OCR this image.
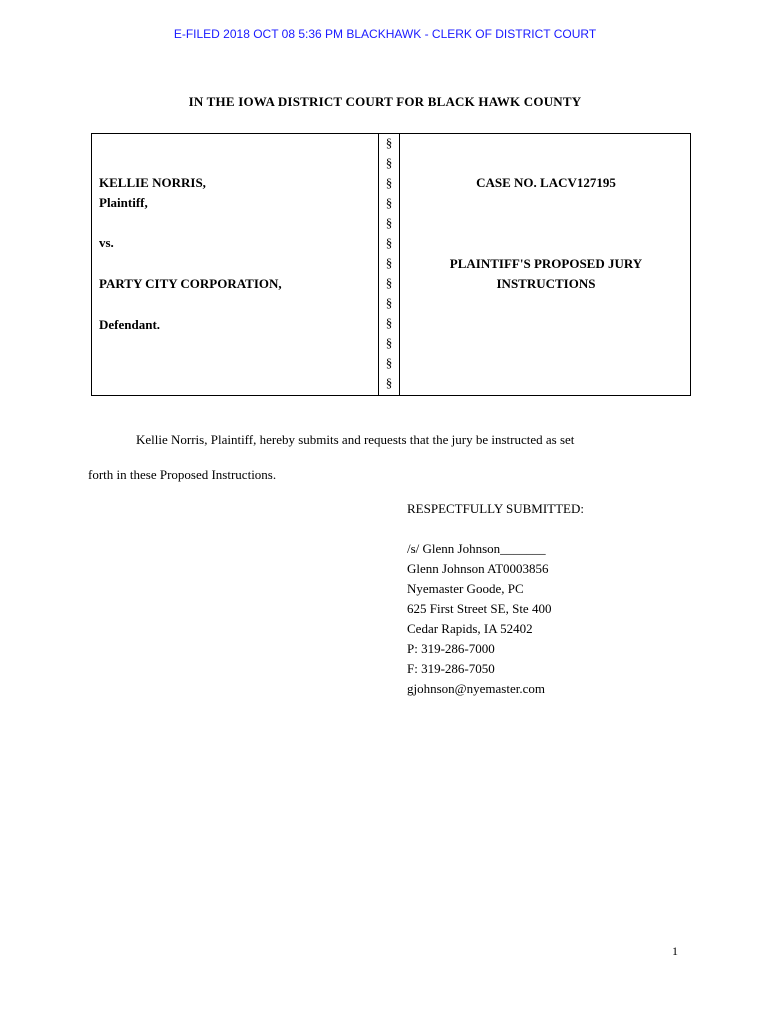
E-FILED 2018 OCT 08 5:36 PM BLACKHAWK - CLERK OF DISTRICT COURT
IN THE IOWA DISTRICT COURT FOR BLACK HAWK COUNTY
KELLIE NORRIS,
Plaintiff,
vs.
PARTY CITY CORPORATION,
Defendant.
§
§
§
§
§
§
§
§
§
§
§
§
§
CASE NO. LACV127195
PLAINTIFF'S PROPOSED JURY
INSTRUCTIONS
Kellie Norris, Plaintiff, hereby submits and requests that the jury be instructed as set
forth in these Proposed Instructions.
RESPECTFULLY SUBMITTED:
/s/ Glenn Johnson_______
Glenn Johnson AT0003856
Nyemaster Goode, PC
625 First Street SE, Ste 400
Cedar Rapids, IA 52402
P: 319-286-7000
F: 319-286-7050
gjohnson@nyemaster.com
1
